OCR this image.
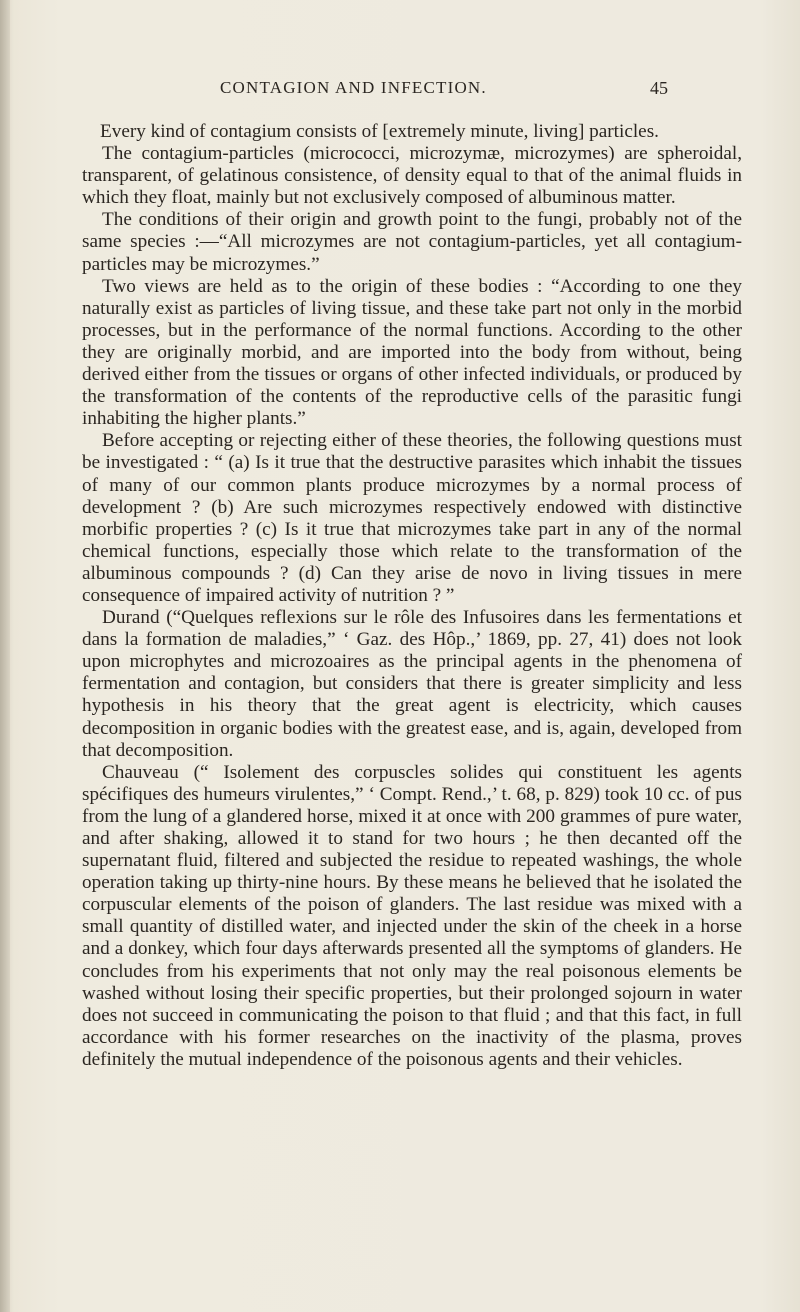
CONTAGION AND INFECTION.	45

Every kind of contagium consists of [extremely minute, living] particles.

The contagium-particles (micrococci, microzymæ, microzymes) are spheroidal, transparent, of gelatinous consistence, of density equal to that of the animal fluids in which they float, mainly but not exclusively composed of albuminous matter.

The conditions of their origin and growth point to the fungi, probably not of the same species :—“All microzymes are not contagium-particles, yet all contagium-particles may be microzymes.”

Two views are held as to the origin of these bodies : “According to one they naturally exist as particles of living tissue, and these take part not only in the morbid processes, but in the performance of the normal functions. According to the other they are originally morbid, and are imported into the body from without, being derived either from the tissues or organs of other infected individuals, or produced by the transformation of the contents of the reproductive cells of the parasitic fungi inhabiting the higher plants.”

Before accepting or rejecting either of these theories, the following questions must be investigated : “ (a) Is it true that the destructive parasites which inhabit the tissues of many of our common plants produce microzymes by a normal process of development ? (b) Are such microzymes respectively endowed with distinctive morbific properties ? (c) Is it true that microzymes take part in any of the normal chemical functions, especially those which relate to the transformation of the albuminous compounds ? (d) Can they arise de novo in living tissues in mere consequence of impaired activity of nutrition ? ”

Durand (“Quelques reflexions sur le rôle des Infusoires dans les fermentations et dans la formation de maladies,” ‘ Gaz. des Hôp.,’ 1869, pp. 27, 41) does not look upon microphytes and microzoaires as the principal agents in the phenomena of fermentation and contagion, but considers that there is greater simplicity and less hypothesis in his theory that the great agent is electricity, which causes decomposition in organic bodies with the greatest ease, and is, again, developed from that decomposition.

Chauveau (“ Isolement des corpuscles solides qui constituent les agents spécifiques des humeurs virulentes,” ‘ Compt. Rend.,’ t. 68, p. 829) took 10 cc. of pus from the lung of a glandered horse, mixed it at once with 200 grammes of pure water, and after shaking, allowed it to stand for two hours ; he then decanted off the supernatant fluid, filtered and subjected the residue to repeated washings, the whole operation taking up thirty-nine hours. By these means he believed that he isolated the corpuscular elements of the poison of glanders. The last residue was mixed with a small quantity of distilled water, and injected under the skin of the cheek in a horse and a donkey, which four days afterwards presented all the symptoms of glanders. He concludes from his experiments that not only may the real poisonous elements be washed without losing their specific properties, but their prolonged sojourn in water does not succeed in communicating the poison to that fluid ; and that this fact, in full accordance with his former researches on the inactivity of the plasma, proves definitely the mutual independence of the poisonous agents and their vehicles.
